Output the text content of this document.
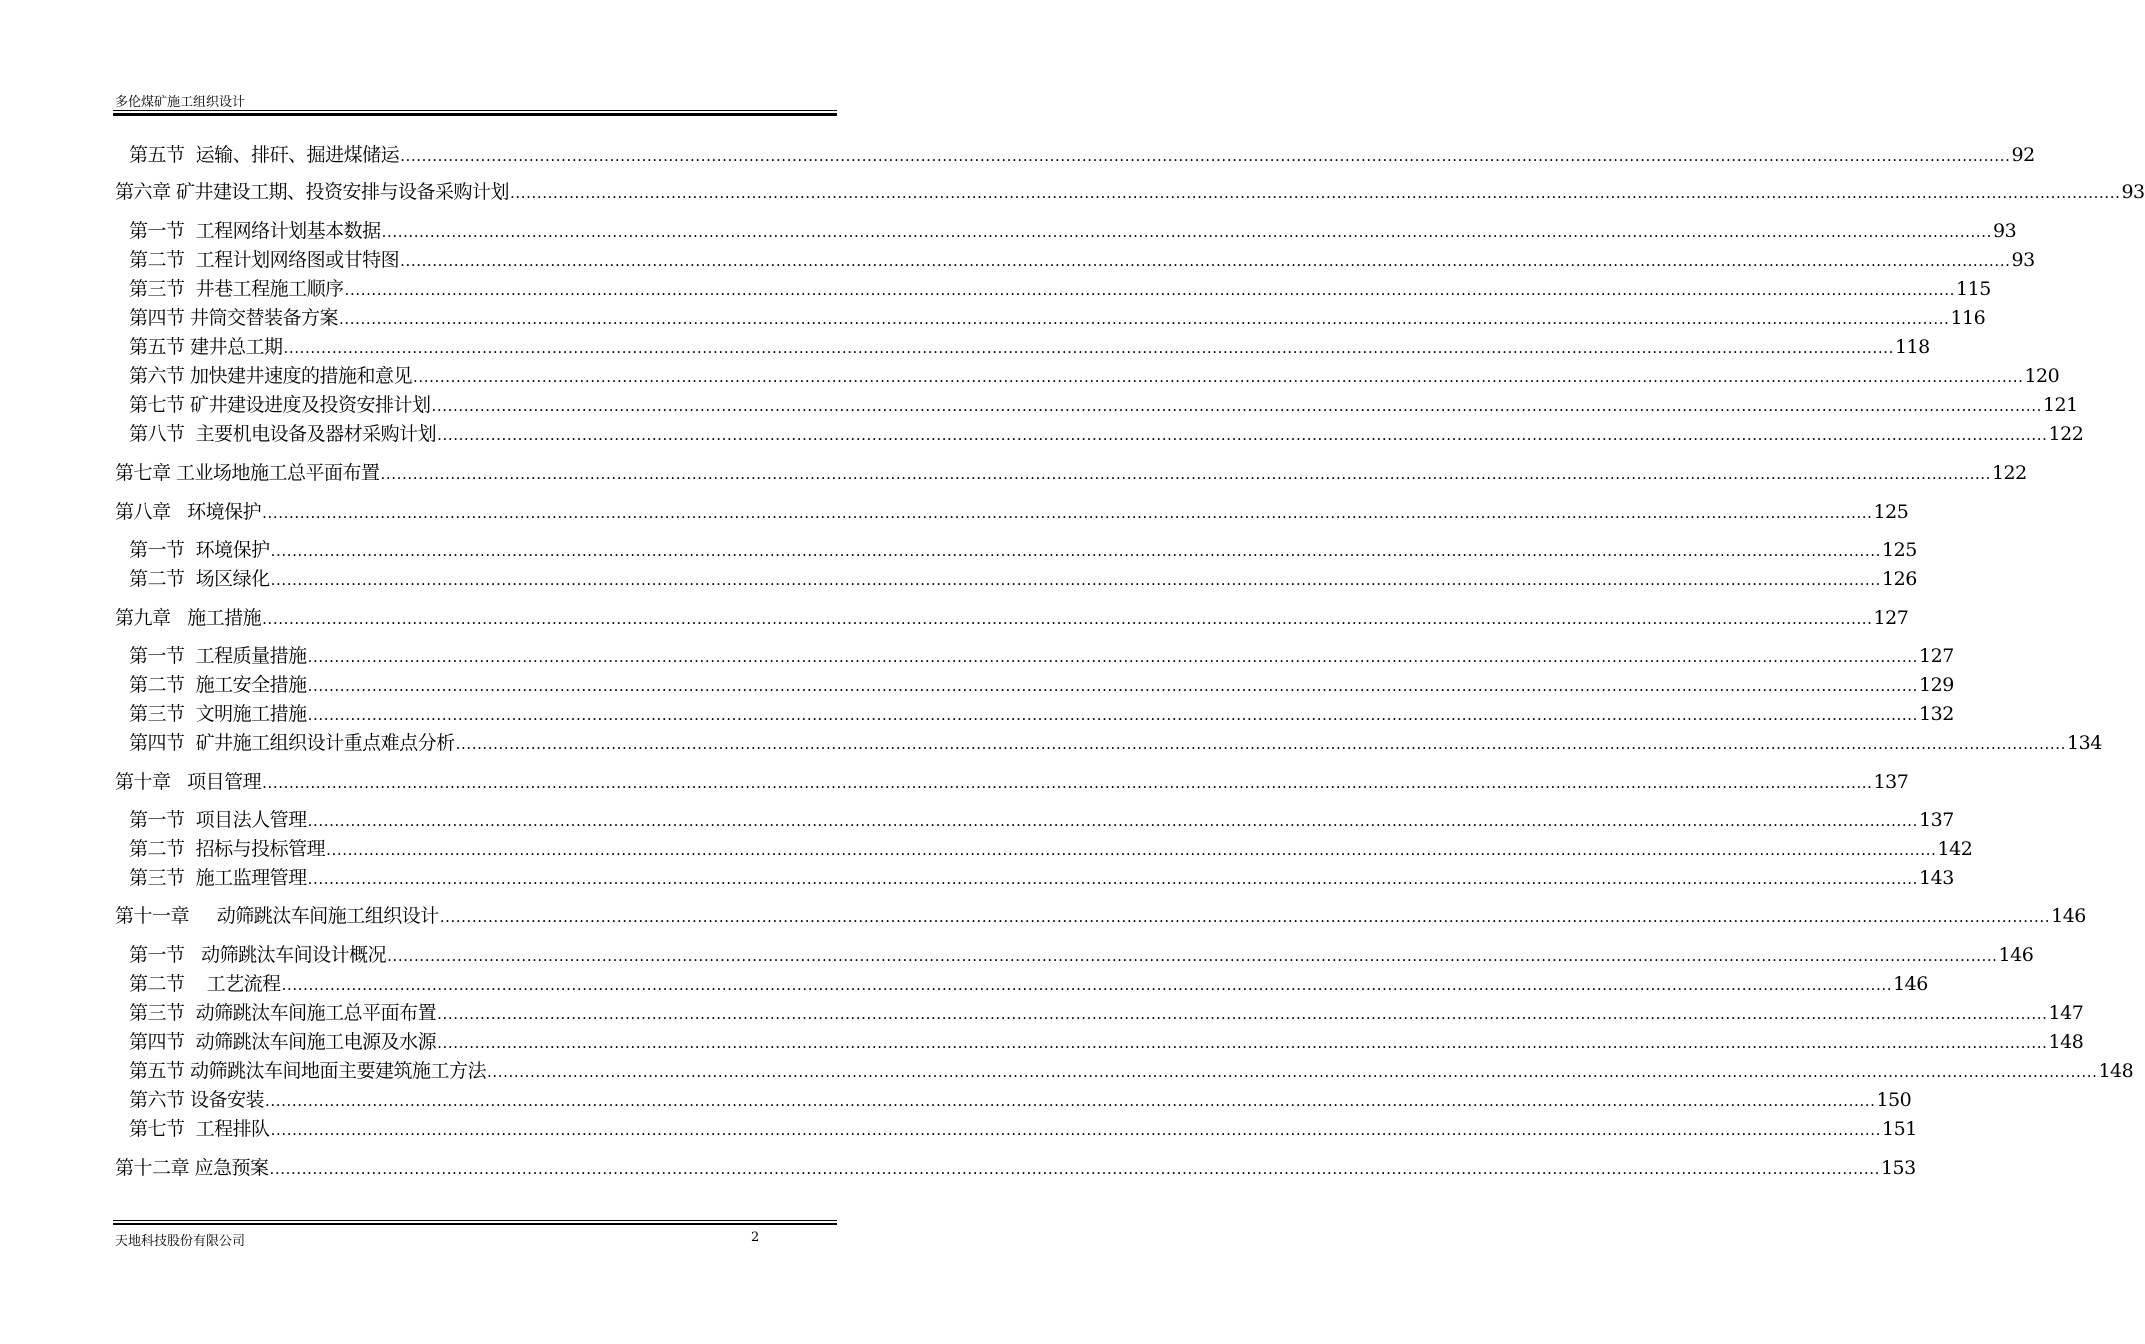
多伦煤矿施工组织设计
第五节  运输、排矸、掘进煤储运 ............................................................................................................................................................................................................................................................................................................ 92
第六章 矿井建设工期、投资安排与设备采购计划 ............................................................................................................................................................................................................................................................................................................ 93
第一节  工程网络计划基本数据 ............................................................................................................................................................................................................................................................................................................ 93
第二节  工程计划网络图或甘特图 ............................................................................................................................................................................................................................................................................................................ 93
第三节  井巷工程施工顺序 ............................................................................................................................................................................................................................................................................................................ 115
第四节 井筒交替装备方案 ............................................................................................................................................................................................................................................................................................................ 116
第五节 建井总工期 ............................................................................................................................................................................................................................................................................................................ 118
第六节 加快建井速度的措施和意见 ............................................................................................................................................................................................................................................................................................................ 120
第七节 矿井建设进度及投资安排计划 ............................................................................................................................................................................................................................................................................................................ 121
第八节  主要机电设备及器材采购计划 ............................................................................................................................................................................................................................................................................................................ 122
第七章 工业场地施工总平面布置 ............................................................................................................................................................................................................................................................................................................ 122
第八章   环境保护 ............................................................................................................................................................................................................................................................................................................ 125
第一节  环境保护 ............................................................................................................................................................................................................................................................................................................ 125
第二节  场区绿化 ............................................................................................................................................................................................................................................................................................................ 126
第九章   施工措施 ............................................................................................................................................................................................................................................................................................................ 127
第一节  工程质量措施 ............................................................................................................................................................................................................................................................................................................ 127
第二节  施工安全措施 ............................................................................................................................................................................................................................................................................................................ 129
第三节  文明施工措施 ............................................................................................................................................................................................................................................................................................................ 132
第四节  矿井施工组织设计重点难点分析 ............................................................................................................................................................................................................................................................................................................ 134
第十章   项目管理 ............................................................................................................................................................................................................................................................................................................ 137
第一节  项目法人管理 ............................................................................................................................................................................................................................................................................................................ 137
第二节  招标与投标管理 ............................................................................................................................................................................................................................................................................................................ 142
第三节  施工监理管理 ............................................................................................................................................................................................................................................................................................................ 143
第十一章     动筛跳汰车间施工组织设计 ............................................................................................................................................................................................................................................................................................................ 146
第一节   动筛跳汰车间设计概况 ............................................................................................................................................................................................................................................................................................................ 146
第二节    工艺流程 ............................................................................................................................................................................................................................................................................................................ 146
第三节  动筛跳汰车间施工总平面布置 ............................................................................................................................................................................................................................................................................................................ 147
第四节  动筛跳汰车间施工电源及水源 ............................................................................................................................................................................................................................................................................................................ 148
第五节 动筛跳汰车间地面主要建筑施工方法 ............................................................................................................................................................................................................................................................................................................ 148
第六节 设备安装 ............................................................................................................................................................................................................................................................................................................ 150
第七节  工程排队 ............................................................................................................................................................................................................................................................................................................ 151
第十二章 应急预案 ............................................................................................................................................................................................................................................................................................................ 153
天地科技股份有限公司	2
